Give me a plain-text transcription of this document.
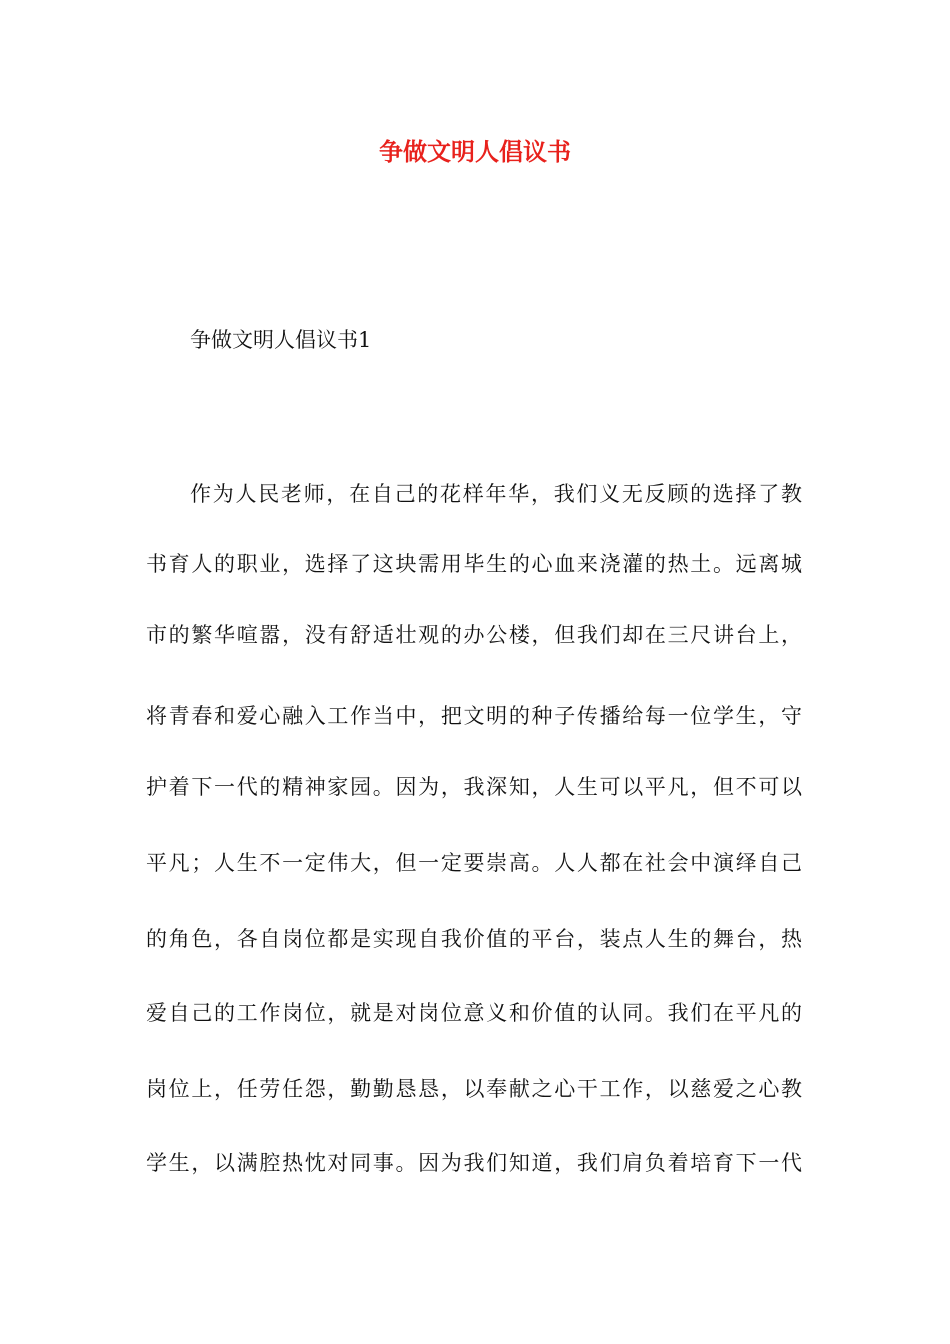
争做文明人倡议书

争做文明人倡议书1

作为人民老师，在自己的花样年华，我们义无反顾的选择了教
书育人的职业，选择了这块需用毕生的心血来浇灌的热土。远离城
市的繁华喧嚣，没有舒适壮观的办公楼，但我们却在三尺讲台上，
将青春和爱心融入工作当中，把文明的种子传播给每一位学生，守
护着下一代的精神家园。因为，我深知，人生可以平凡，但不可以
平凡；人生不一定伟大，但一定要崇高。人人都在社会中演绎自己
的角色，各自岗位都是实现自我价值的平台，装点人生的舞台，热
爱自己的工作岗位，就是对岗位意义和价值的认同。我们在平凡的
岗位上，任劳任怨，勤勤恳恳，以奉献之心干工作，以慈爱之心教
学生，以满腔热忱对同事。因为我们知道，我们肩负着培育下一代
